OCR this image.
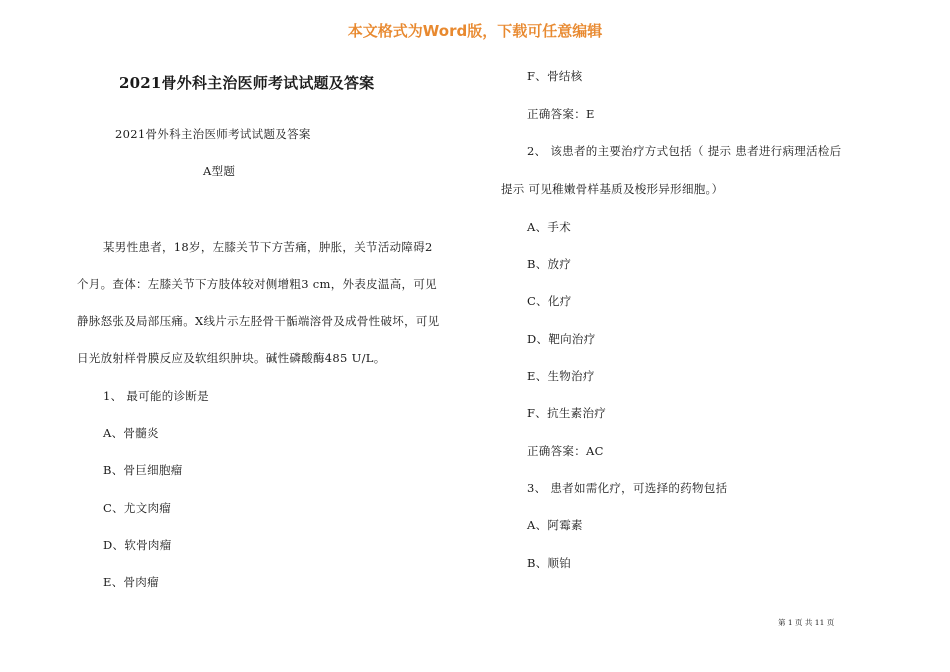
本文格式为Word版，下载可任意编辑
2021骨外科主治医师考试试题及答案
2021骨外科主治医师考试试题及答案
A型题
某男性患者，18岁，左膝关节下方苦痛，肿胀，关节活动障碍2
个月。查体：左膝关节下方肢体较对侧增粗3 cm，外表皮温高，可见
静脉怒张及局部压痛。X线片示左胫骨干骺端溶骨及成骨性破坏，可见
日光放射样骨膜反应及软组织肿块。碱性磷酸酶485 U/L。
1、 最可能的诊断是
A、骨髓炎
B、骨巨细胞瘤
C、尤文肉瘤
D、软骨肉瘤
E、骨肉瘤
F、骨结核
正确答案：E
2、 该患者的主要治疗方式包括（ 提示 患者进行病理活检后
提示 可见稚嫩骨样基质及梭形异形细胞。）
A、手术
B、放疗
C、化疗
D、靶向治疗
E、生物治疗
F、抗生素治疗
正确答案：AC
3、 患者如需化疗，可选择的药物包括
A、阿霉素
B、顺铂
第 1 页 共 11 页
